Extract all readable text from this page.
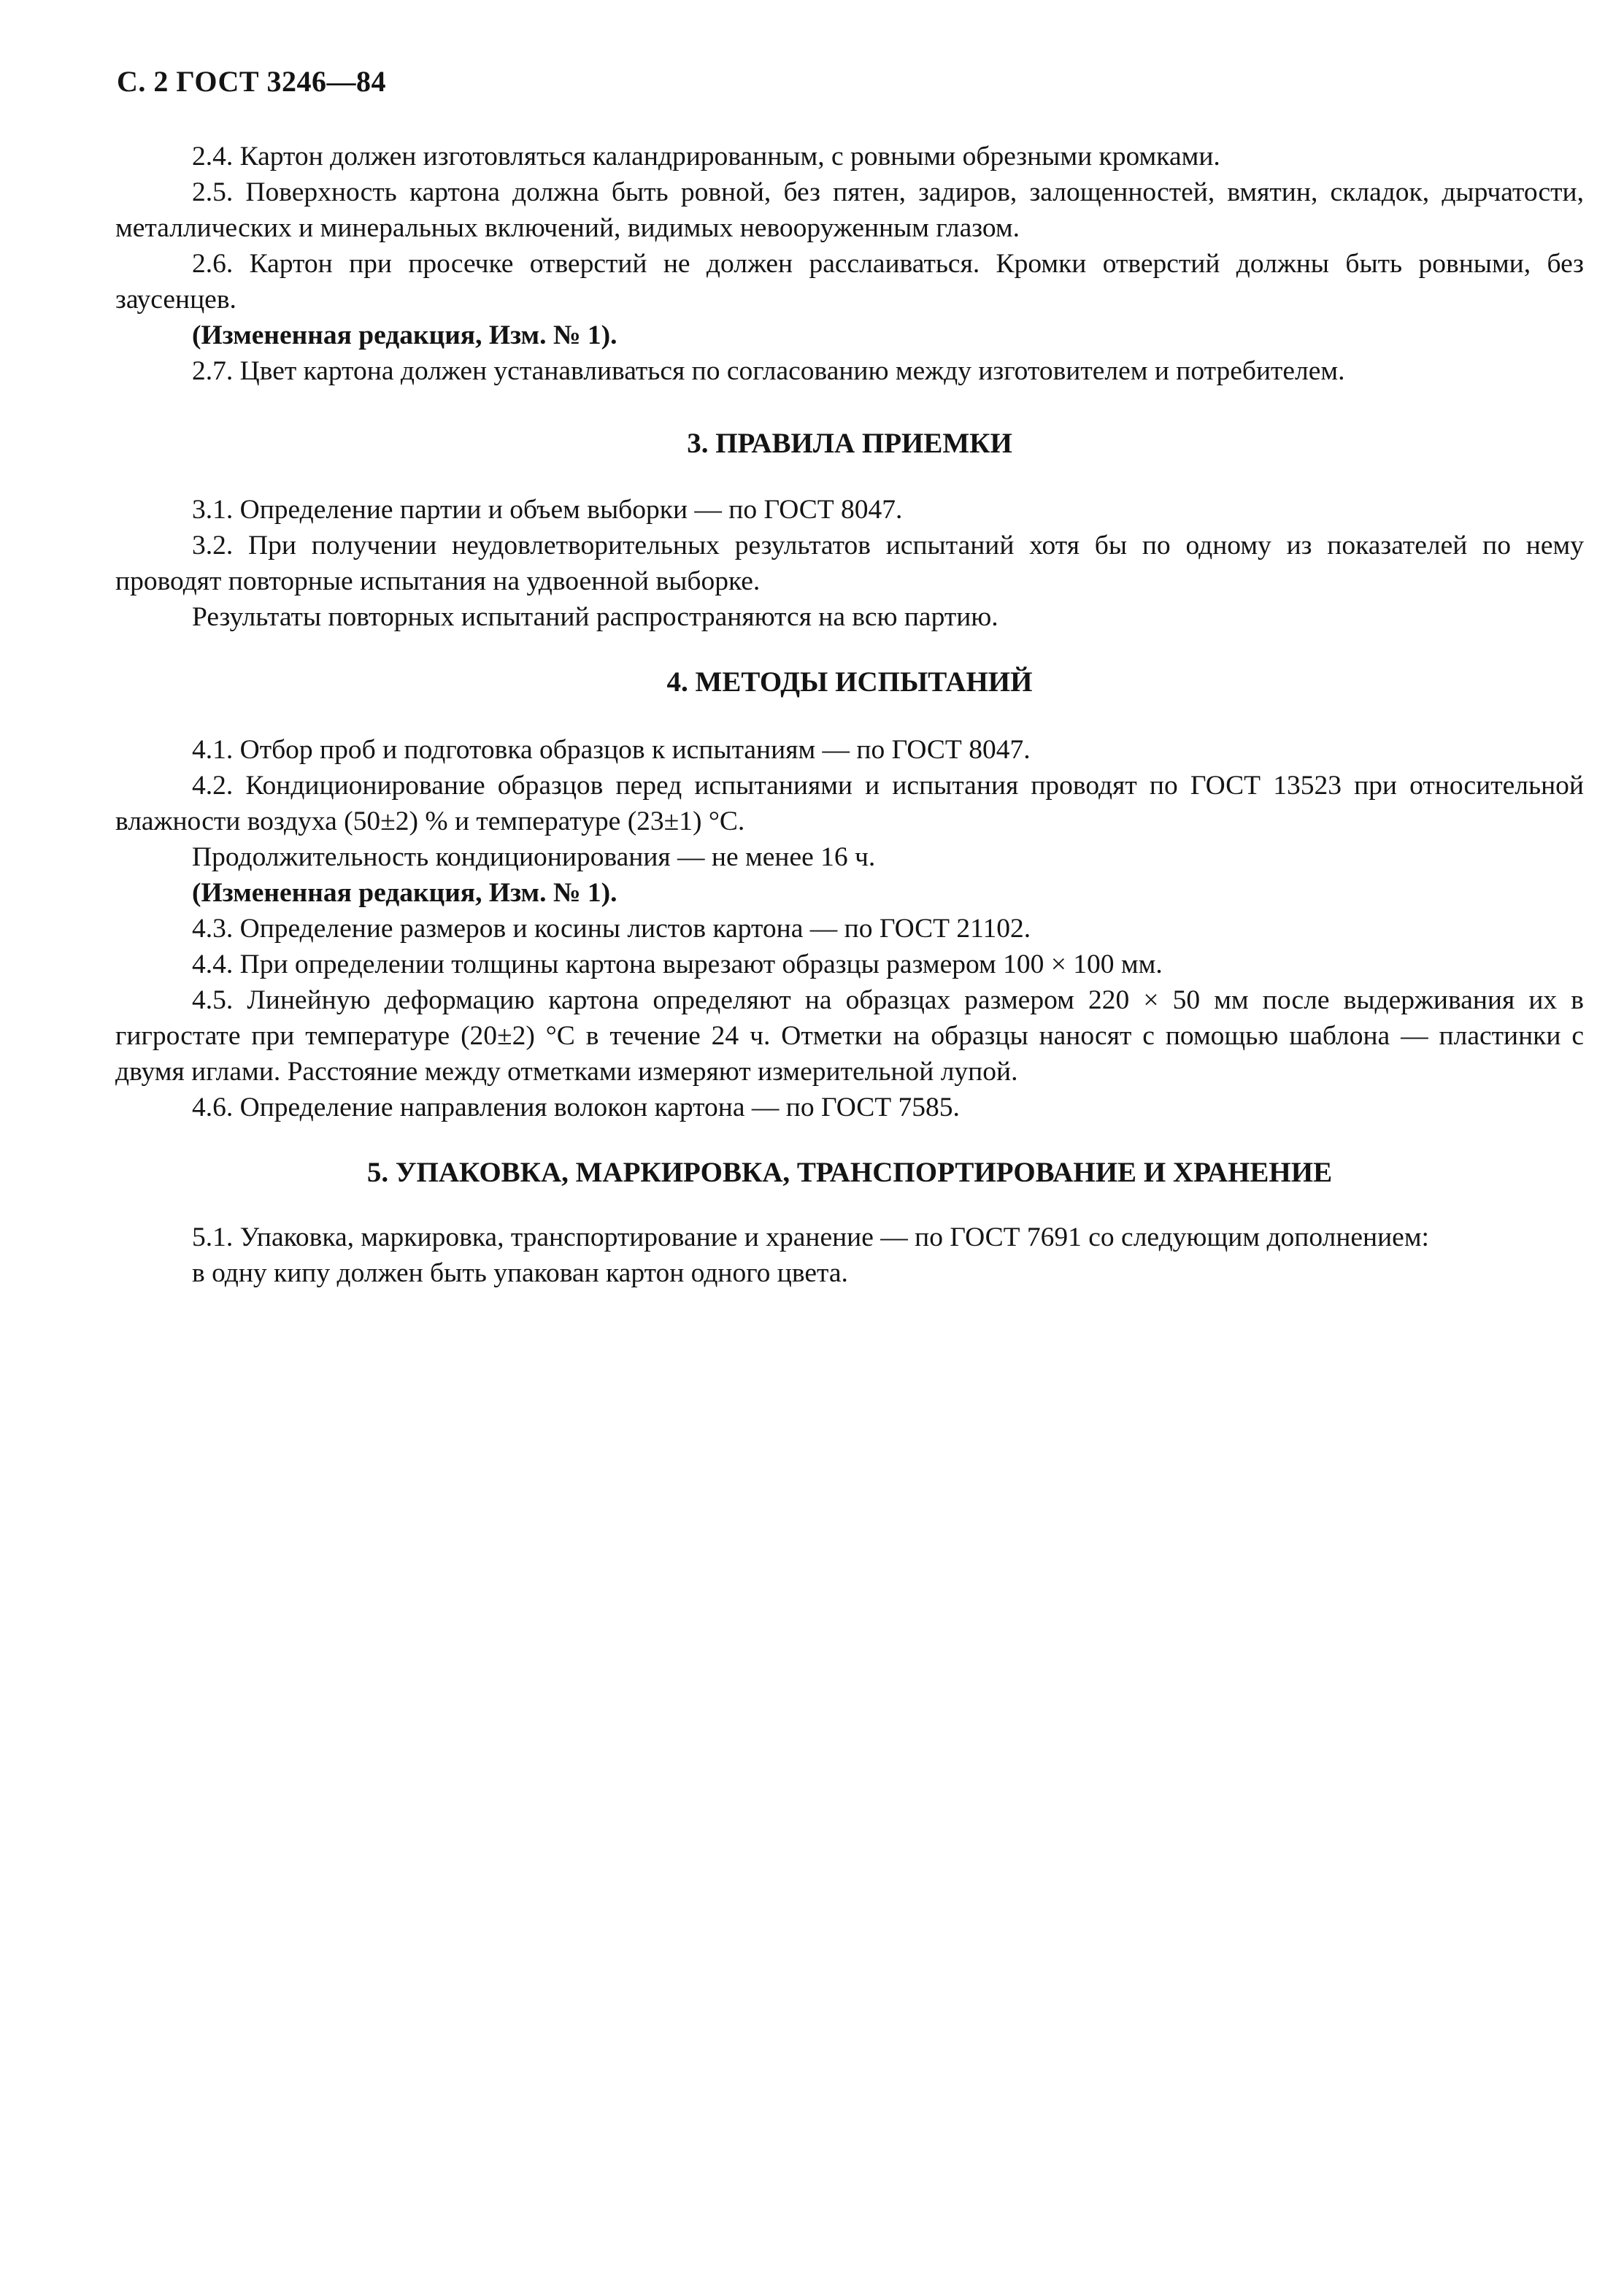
С. 2 ГОСТ 3246—84

2.4. Картон должен изготовляться каландрированным, с ровными обрезными кромками.

2.5. Поверхность картона должна быть ровной, без пятен, задиров, залощенностей, вмятин, складок, дырчатости, металлических и минеральных включений, видимых невооруженным глазом.

2.6. Картон при просечке отверстий не должен расслаиваться. Кромки отверстий должны быть ровными, без заусенцев.

(Измененная редакция, Изм. № 1).

2.7. Цвет картона должен устанавливаться по согласованию между изготовителем и потребителем.

3. ПРАВИЛА ПРИЕМКИ

3.1. Определение партии и объем выборки — по ГОСТ 8047.

3.2. При получении неудовлетворительных результатов испытаний хотя бы по одному из показателей по нему проводят повторные испытания на удвоенной выборке.

Результаты повторных испытаний распространяются на всю партию.

4. МЕТОДЫ ИСПЫТАНИЙ

4.1. Отбор проб и подготовка образцов к испытаниям — по ГОСТ 8047.

4.2. Кондиционирование образцов перед испытаниями и испытания проводят по ГОСТ 13523 при относительной влажности воздуха (50±2) % и температуре (23±1) °С.

Продолжительность кондиционирования — не менее 16 ч.

(Измененная редакция, Изм. № 1).

4.3. Определение размеров и косины листов картона — по ГОСТ 21102.

4.4. При определении толщины картона вырезают образцы размером 100 × 100 мм.

4.5. Линейную деформацию картона определяют на образцах размером 220 × 50 мм после выдерживания их в гигростате при температуре (20±2) °С в течение 24 ч. Отметки на образцы наносят с помощью шаблона — пластинки с двумя иглами. Расстояние между отметками измеряют измерительной лупой.

4.6. Определение направления волокон картона — по ГОСТ 7585.

5. УПАКОВКА, МАРКИРОВКА, ТРАНСПОРТИРОВАНИЕ И ХРАНЕНИЕ

5.1. Упаковка, маркировка, транспортирование и хранение — по ГОСТ 7691 со следующим дополнением:

в одну кипу должен быть упакован картон одного цвета.
